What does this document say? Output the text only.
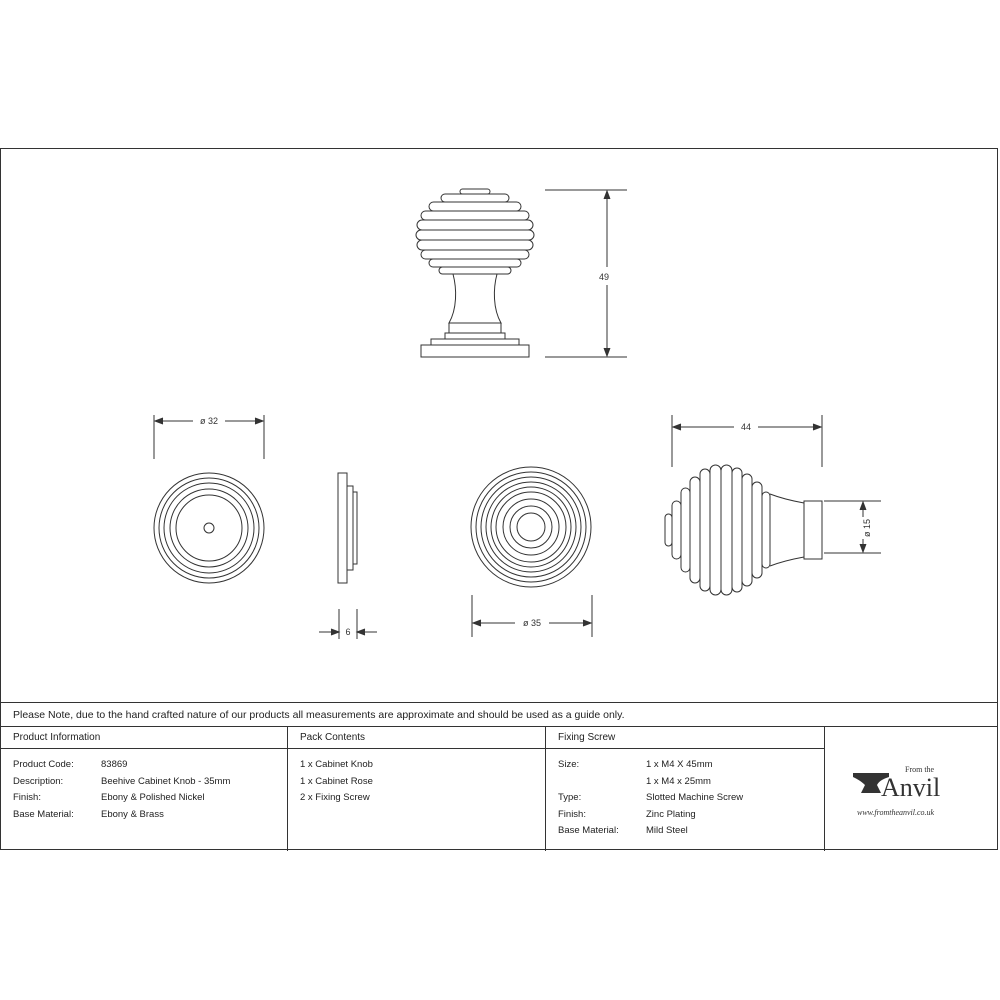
49
ø 32
6
ø 35
44
ø 15
Please Note, due to the hand crafted nature of our products all measurements are approximate and should be used as a guide only.
Product Information
Product Code:	83869
Description:	Beehive Cabinet Knob - 35mm
Finish:	Ebony & Polished Nickel
Base Material:	Ebony & Brass
Pack Contents
1 x Cabinet Knob
1 x Cabinet Rose
2 x Fixing Screw
Fixing Screw
Size:	1 x M4 X 45mm
1 x M4 x 25mm
Type:	Slotted Machine Screw
Finish:	Zinc Plating
Base Material:	Mild Steel
From the
Anvil
www.fromtheanvil.co.uk
